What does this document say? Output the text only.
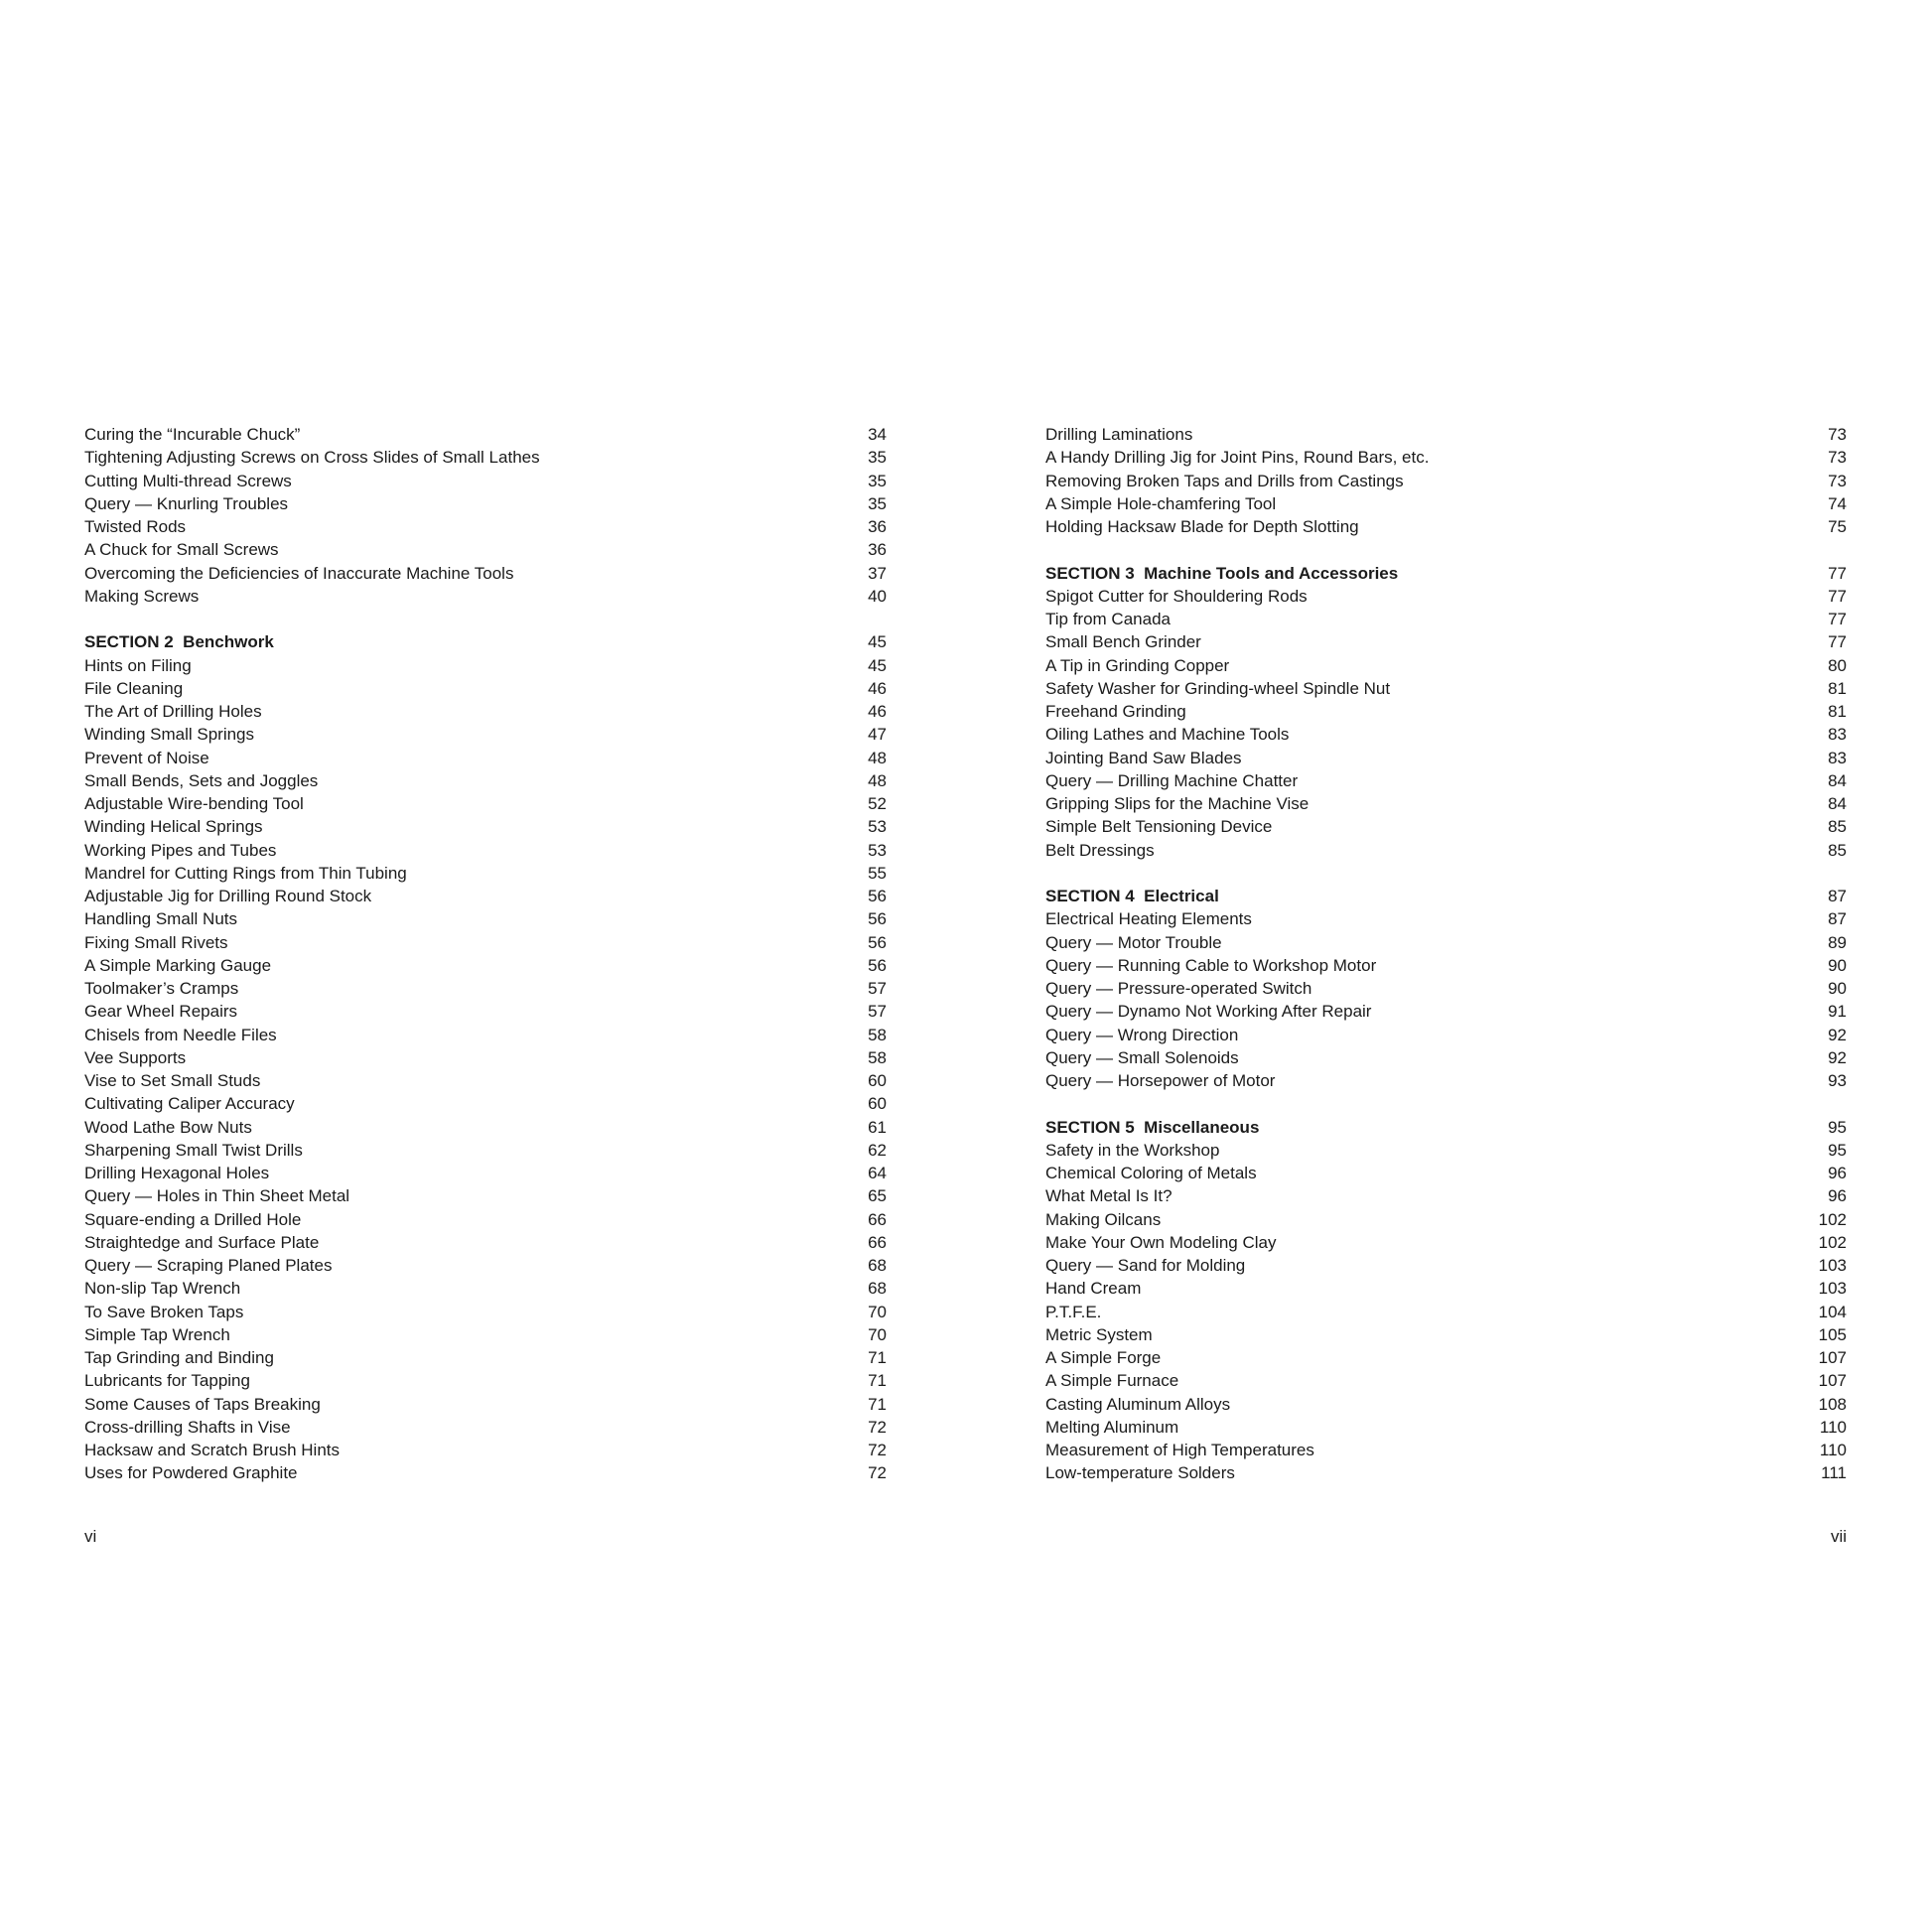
Curing the “Incurable Chuck”	34
Tightening Adjusting Screws on Cross Slides of Small Lathes	35
Cutting Multi-thread Screws	35
Query — Knurling Troubles	35
Twisted Rods	36
A Chuck for Small Screws	36
Overcoming the Deficiencies of Inaccurate Machine Tools	37
Making Screws	40
SECTION 2  Benchwork	45
Hints on Filing	45
File Cleaning	46
The Art of Drilling Holes	46
Winding Small Springs	47
Prevent of Noise	48
Small Bends, Sets and Joggles	48
Adjustable Wire-bending Tool	52
Winding Helical Springs	53
Working Pipes and Tubes	53
Mandrel for Cutting Rings from Thin Tubing	55
Adjustable Jig for Drilling Round Stock	56
Handling Small Nuts	56
Fixing Small Rivets	56
A Simple Marking Gauge	56
Toolmaker’s Cramps	57
Gear Wheel Repairs	57
Chisels from Needle Files	58
Vee Supports	58
Vise to Set Small Studs	60
Cultivating Caliper Accuracy	60
Wood Lathe Bow Nuts	61
Sharpening Small Twist Drills	62
Drilling Hexagonal Holes	64
Query — Holes in Thin Sheet Metal	65
Square-ending a Drilled Hole	66
Straightedge and Surface Plate	66
Query — Scraping Planed Plates	68
Non-slip Tap Wrench	68
To Save Broken Taps	70
Simple Tap Wrench	70
Tap Grinding and Binding	71
Lubricants for Tapping	71
Some Causes of Taps Breaking	71
Cross-drilling Shafts in Vise	72
Hacksaw and Scratch Brush Hints	72
Uses for Powdered Graphite	72
Drilling Laminations	73
A Handy Drilling Jig for Joint Pins, Round Bars, etc.	73
Removing Broken Taps and Drills from Castings	73
A Simple Hole-chamfering Tool	74
Holding Hacksaw Blade for Depth Slotting	75
SECTION 3  Machine Tools and Accessories	77
Spigot Cutter for Shouldering Rods	77
Tip from Canada	77
Small Bench Grinder	77
A Tip in Grinding Copper	80
Safety Washer for Grinding-wheel Spindle Nut	81
Freehand Grinding	81
Oiling Lathes and Machine Tools	83
Jointing Band Saw Blades	83
Query — Drilling Machine Chatter	84
Gripping Slips for the Machine Vise	84
Simple Belt Tensioning Device	85
Belt Dressings	85
SECTION 4  Electrical	87
Electrical Heating Elements	87
Query — Motor Trouble	89
Query — Running Cable to Workshop Motor	90
Query — Pressure-operated Switch	90
Query — Dynamo Not Working After Repair	91
Query — Wrong Direction	92
Query — Small Solenoids	92
Query — Horsepower of Motor	93
SECTION 5  Miscellaneous	95
Safety in the Workshop	95
Chemical Coloring of Metals	96
What Metal Is It?	96
Making Oilcans	102
Make Your Own Modeling Clay	102
Query — Sand for Molding	103
Hand Cream	103
P.T.F.E.	104
Metric System	105
A Simple Forge	107
A Simple Furnace	107
Casting Aluminum Alloys	108
Melting Aluminum	110
Measurement of High Temperatures	110
Low-temperature Solders	111
vi	vii
